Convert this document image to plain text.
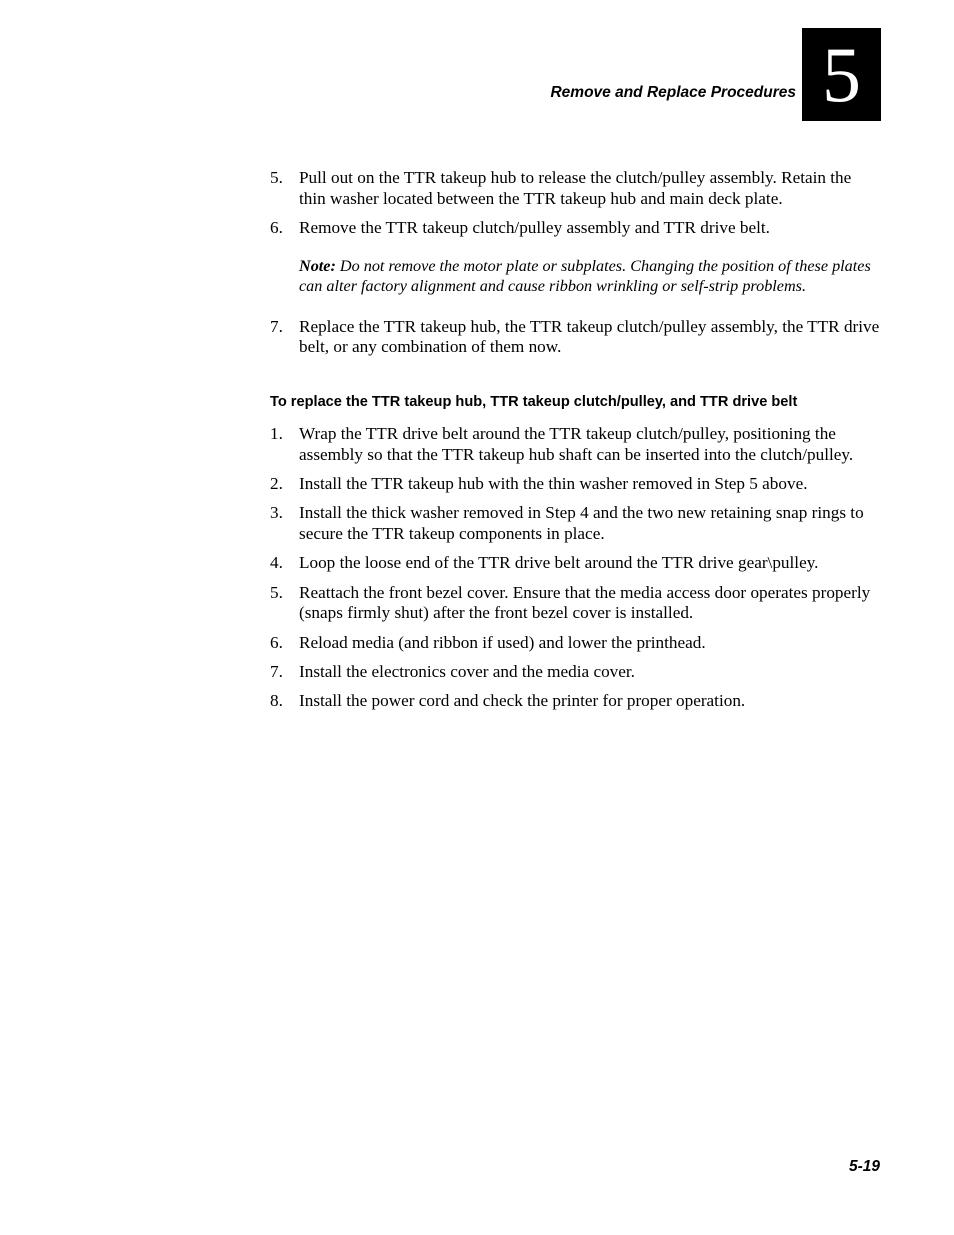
Remove and Replace Procedures 5
5. Pull out on the TTR takeup hub to release the clutch/pulley assembly. Retain the thin washer located between the TTR takeup hub and main deck plate.
6. Remove the TTR takeup clutch/pulley assembly and TTR drive belt.
Note: Do not remove the motor plate or subplates. Changing the position of these plates can alter factory alignment and cause ribbon wrinkling or self-strip problems.
7. Replace the TTR takeup hub, the TTR takeup clutch/pulley assembly, the TTR drive belt, or any combination of them now.
To replace the TTR takeup hub, TTR takeup clutch/pulley, and TTR drive belt
1. Wrap the TTR drive belt around the TTR takeup clutch/pulley, positioning the assembly so that the TTR takeup hub shaft can be inserted into the clutch/pulley.
2. Install the TTR takeup hub with the thin washer removed in Step 5 above.
3. Install the thick washer removed in Step 4 and the two new retaining snap rings to secure the TTR takeup components in place.
4. Loop the loose end of the TTR drive belt around the TTR drive gear\pulley.
5. Reattach the front bezel cover. Ensure that the media access door operates properly (snaps firmly shut) after the front bezel cover is installed.
6. Reload media (and ribbon if used) and lower the printhead.
7. Install the electronics cover and the media cover.
8. Install the power cord and check the printer for proper operation.
5-19
